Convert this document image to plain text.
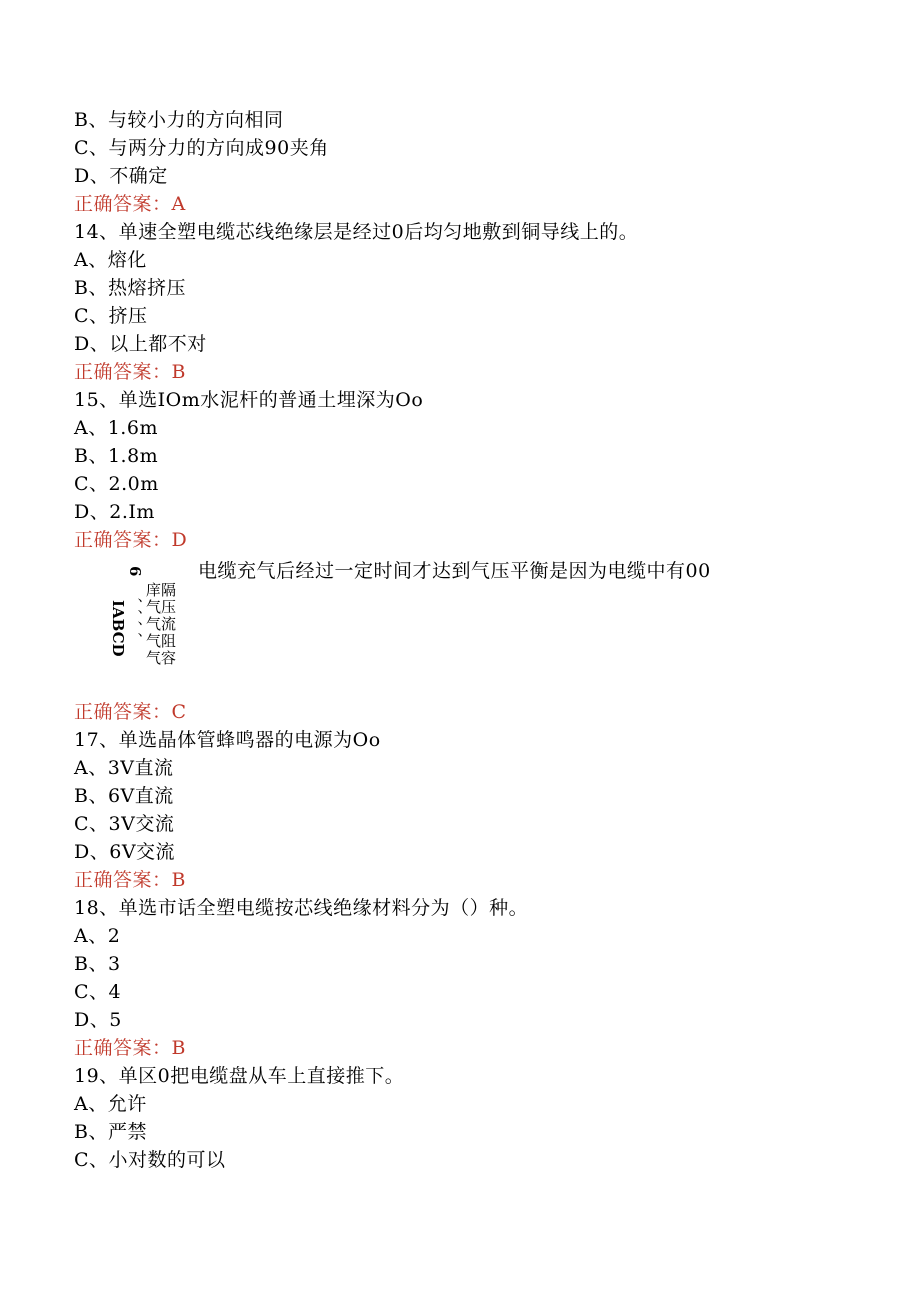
B、与较小力的方向相同
C、与两分力的方向成90夹角
D、不确定
正确答案：A
14、单速全塑电缆芯线绝缘层是经过0后均匀地敷到铜导线上的。
A、熔化
B、热熔挤压
C、挤压
D、以上都不对
正确答案：B
15、单选IOm水泥杆的普通土埋深为Oo
A、1.6m
B、1.8m
C、2.0m
D、2.Im
正确答案：D
电缆充气后经过一定时间才达到气压平衡是因为电缆中有00
6
IABCD 、、、、
庠隔
气压
气流
气阻
气容
正确答案：C
17、单选晶体管蜂鸣器的电源为Oo
A、3V直流
B、6V直流
C、3V交流
D、6V交流
正确答案：B
18、单选市话全塑电缆按芯线绝缘材料分为（）种。
A、2
B、3
C、4
D、5
正确答案：B
19、单区0把电缆盘从车上直接推下。
A、允许
B、严禁
C、小对数的可以
